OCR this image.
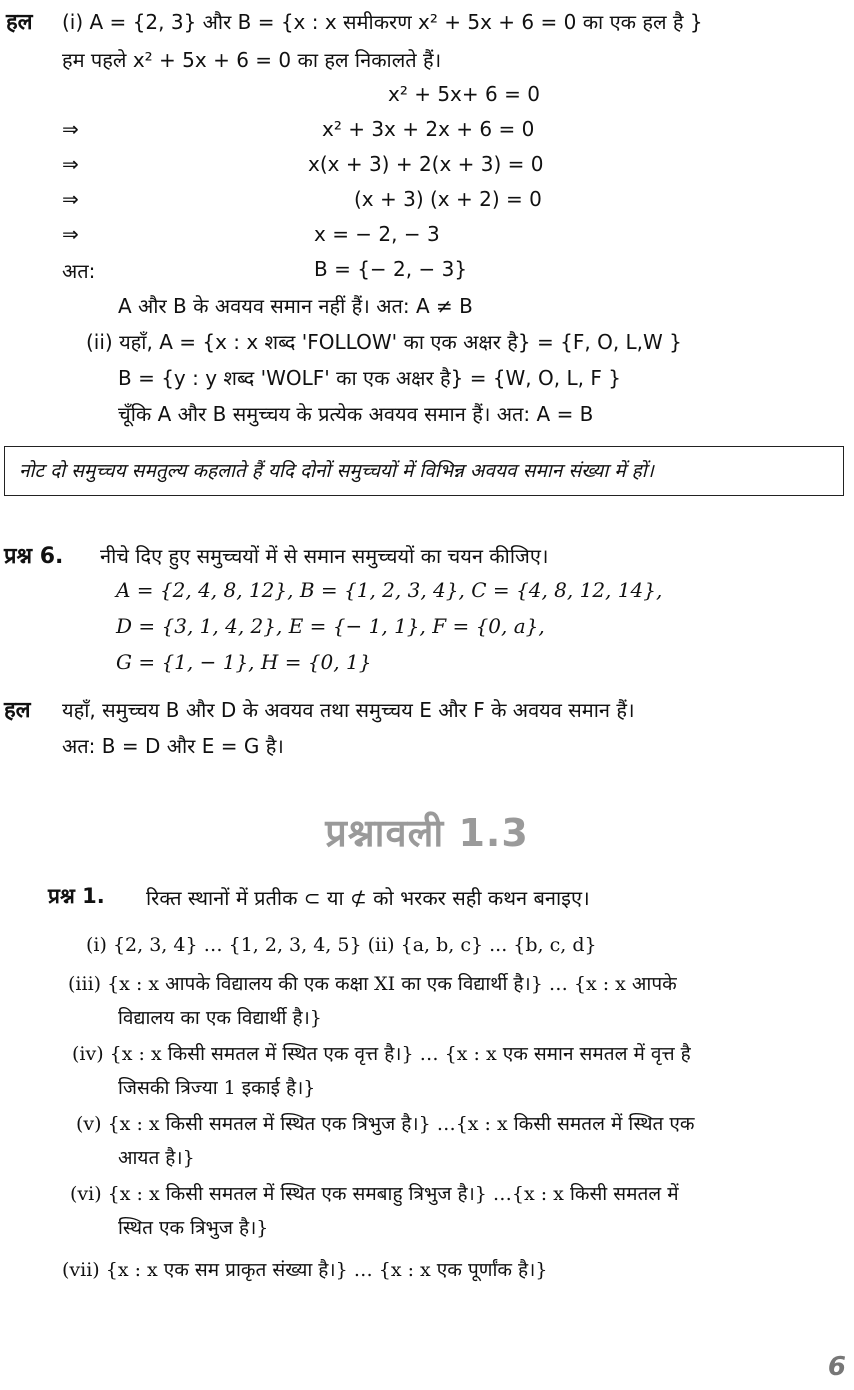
हल (i) A = {2, 3} और B = {x : x समीकरण x² + 5x + 6 = 0 का एक हल है }
हम पहले x² + 5x + 6 = 0 का हल निकालते हैं।
x² + 5x+ 6 = 0
⇒	x² + 3x + 2x + 6 = 0
⇒	x(x + 3) + 2(x + 3) = 0
⇒	(x + 3) (x + 2) = 0
⇒	x = − 2, − 3
अत:	B = {− 2, − 3}
A और B के अवयव समान नहीं हैं। अत: A ≠ B
(ii) यहाँ, A = {x : x शब्द 'FOLLOW' का एक अक्षर है} = {F, O, L,W }
B = {y : y शब्द 'WOLF' का एक अक्षर है} = {W, O, L, F }
चूँकि A और B समुच्चय के प्रत्येक अवयव समान हैं। अत: A = B
नोट दो समुच्चय समतुल्य कहलाते हैं यदि दोनों समुच्चयों में विभिन्न अवयव समान संख्या में हों।
प्रश्न 6. नीचे दिए हुए समुच्चयों में से समान समुच्चयों का चयन कीजिए।
A = {2, 4, 8, 12}, B = {1, 2, 3, 4}, C = {4, 8, 12, 14},
D = {3, 1, 4, 2}, E = {− 1, 1}, F = {0, a},
G = {1, − 1}, H = {0, 1}
हल यहाँ, समुच्चय B और D के अवयव तथा समुच्चय E और F के अवयव समान हैं।
अत: B = D और E = G है।
प्रश्नावली 1.3
प्रश्न 1. रिक्त स्थानों में प्रतीक ⊂ या ⊄ को भरकर सही कथन बनाइए।
(i) {2, 3, 4} … {1, 2, 3, 4, 5} (ii) {a, b, c} ... {b, c, d}
(iii) {x : x आपके विद्यालय की एक कक्षा XI का एक विद्यार्थी है।} … {x : x आपके
विद्यालय का एक विद्यार्थी है।}
(iv) {x : x किसी समतल में स्थित एक वृत्त है।} … {x : x एक समान समतल में वृत्त है
जिसकी त्रिज्या 1 इकाई है।}
(v) {x : x किसी समतल में स्थित एक त्रिभुज है।} …{x : x किसी समतल में स्थित एक
आयत है।}
(vi) {x : x किसी समतल में स्थित एक समबाहु त्रिभुज है।} …{x : x किसी समतल में
स्थित एक त्रिभुज है।}
(vii) {x : x एक सम प्राकृत संख्या है।} … {x : x एक पूर्णांक है।}
6
